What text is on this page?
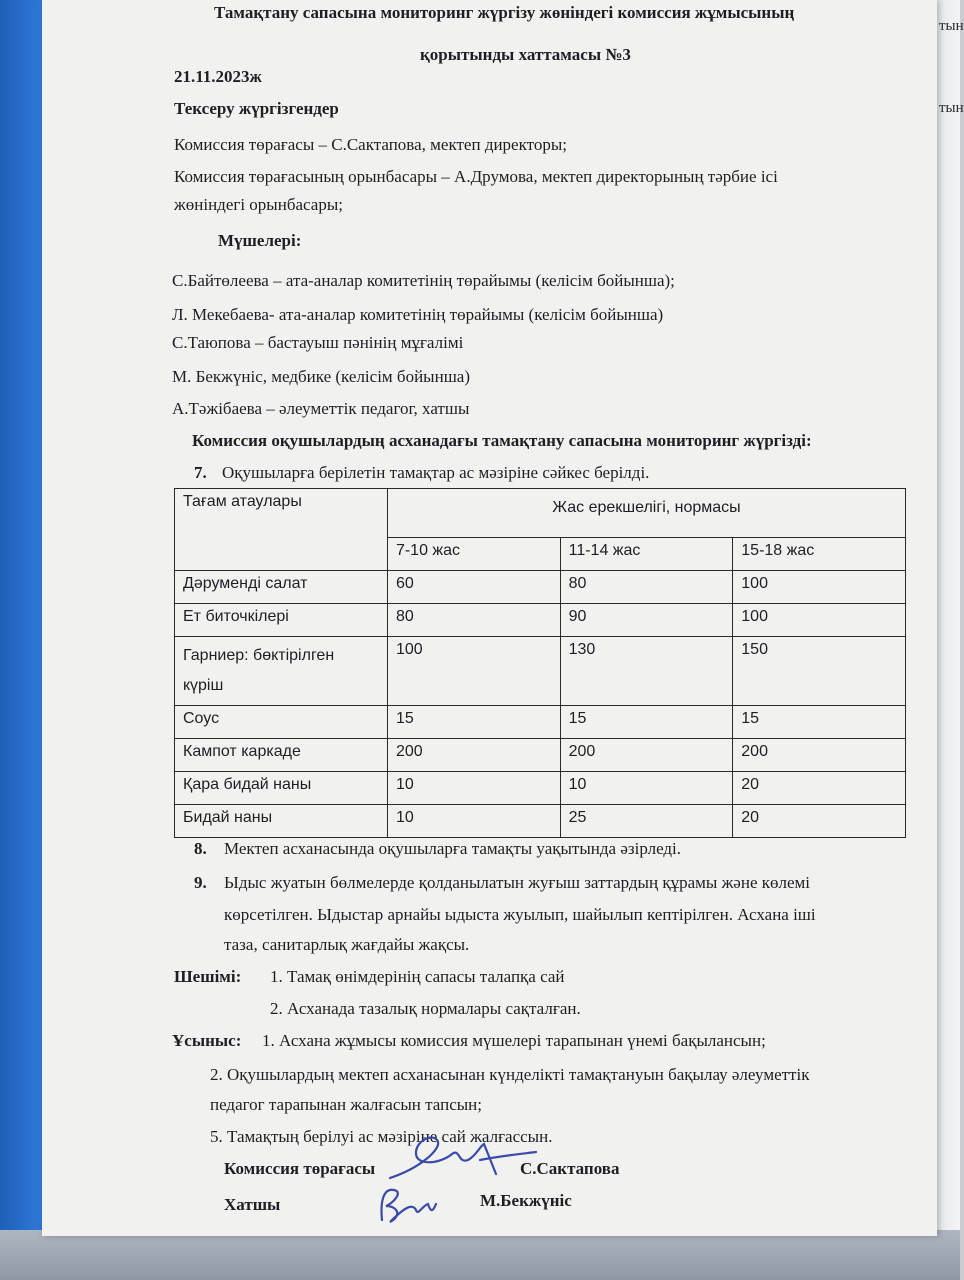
тын
тын
Тамақтану сапасына мониторинг жүргізу жөніндегі комиссия жұмысының
қорытынды хаттамасы №3
21.11.2023ж
Тексеру жүргізгендер
Комиссия төрағасы – С.Сактапова, мектеп директоры;
Комиссия төрағасының орынбасары – А.Друмова, мектеп директорының тәрбие ісі
жөніндегі орынбасары;
Мүшелері:
С.Байтөлеева – ата-аналар комитетінің төрайымы (келісім бойынша);
Л. Мекебаева- ата-аналар комитетінің төрайымы (келісім бойынша)
С.Таюпова – бастауыш пәнінің мұғалімі
М. Бекжүніс, медбике (келісім бойынша)
А.Тәжібаева – әлеуметтік педагог, хатшы
Комиссия оқушылардың асханадағы тамақтану сапасына мониторинг жүргізді:
7. Оқушыларға берілетін тамақтар ас мәзіріне сәйкес берілді.
Тағам атаулары	Жас ерекшелігі, нормасы		
	7-10 жас	11-14 жас	15-18 жас
Дәруменді салат	60	80	100
Ет биточкілері	80	90	100
Гарниер: бөктірілген
күріш	100	130	150
Соус	15	15	15
Кампот каркаде	200	200	200
Қара бидай наны	10	10	20
Бидай наны	10	25	20
8. Мектеп асханасында оқушыларға тамақты уақытында әзірледі.
9. Ыдыс жуатын бөлмелерде қолданылатын жуғыш заттардың құрамы және көлемі
көрсетілген. Ыдыстар арнайы ыдыста жуылып, шайылып кептірілген. Асхана іші
таза, санитарлық жағдайы жақсы.
Шешімі: 1. Тамақ өнімдерінің сапасы талапқа сай
2. Асханада тазалық нормалары сақталған.
Ұсыныс: 1. Асхана жұмысы комиссия мүшелері тарапынан үнемі бақылансын;
2. Оқушылардың мектеп асханасынан күнделікті тамақтануын бақылау әлеуметтік
педагог тарапынан жалғасын тапсын;
5. Тамақтың берілуі ас мәзіріне сай жалғассын.
Комиссия төрағасы	С.Сактапова
Хатшы	М.Бекжүніс
